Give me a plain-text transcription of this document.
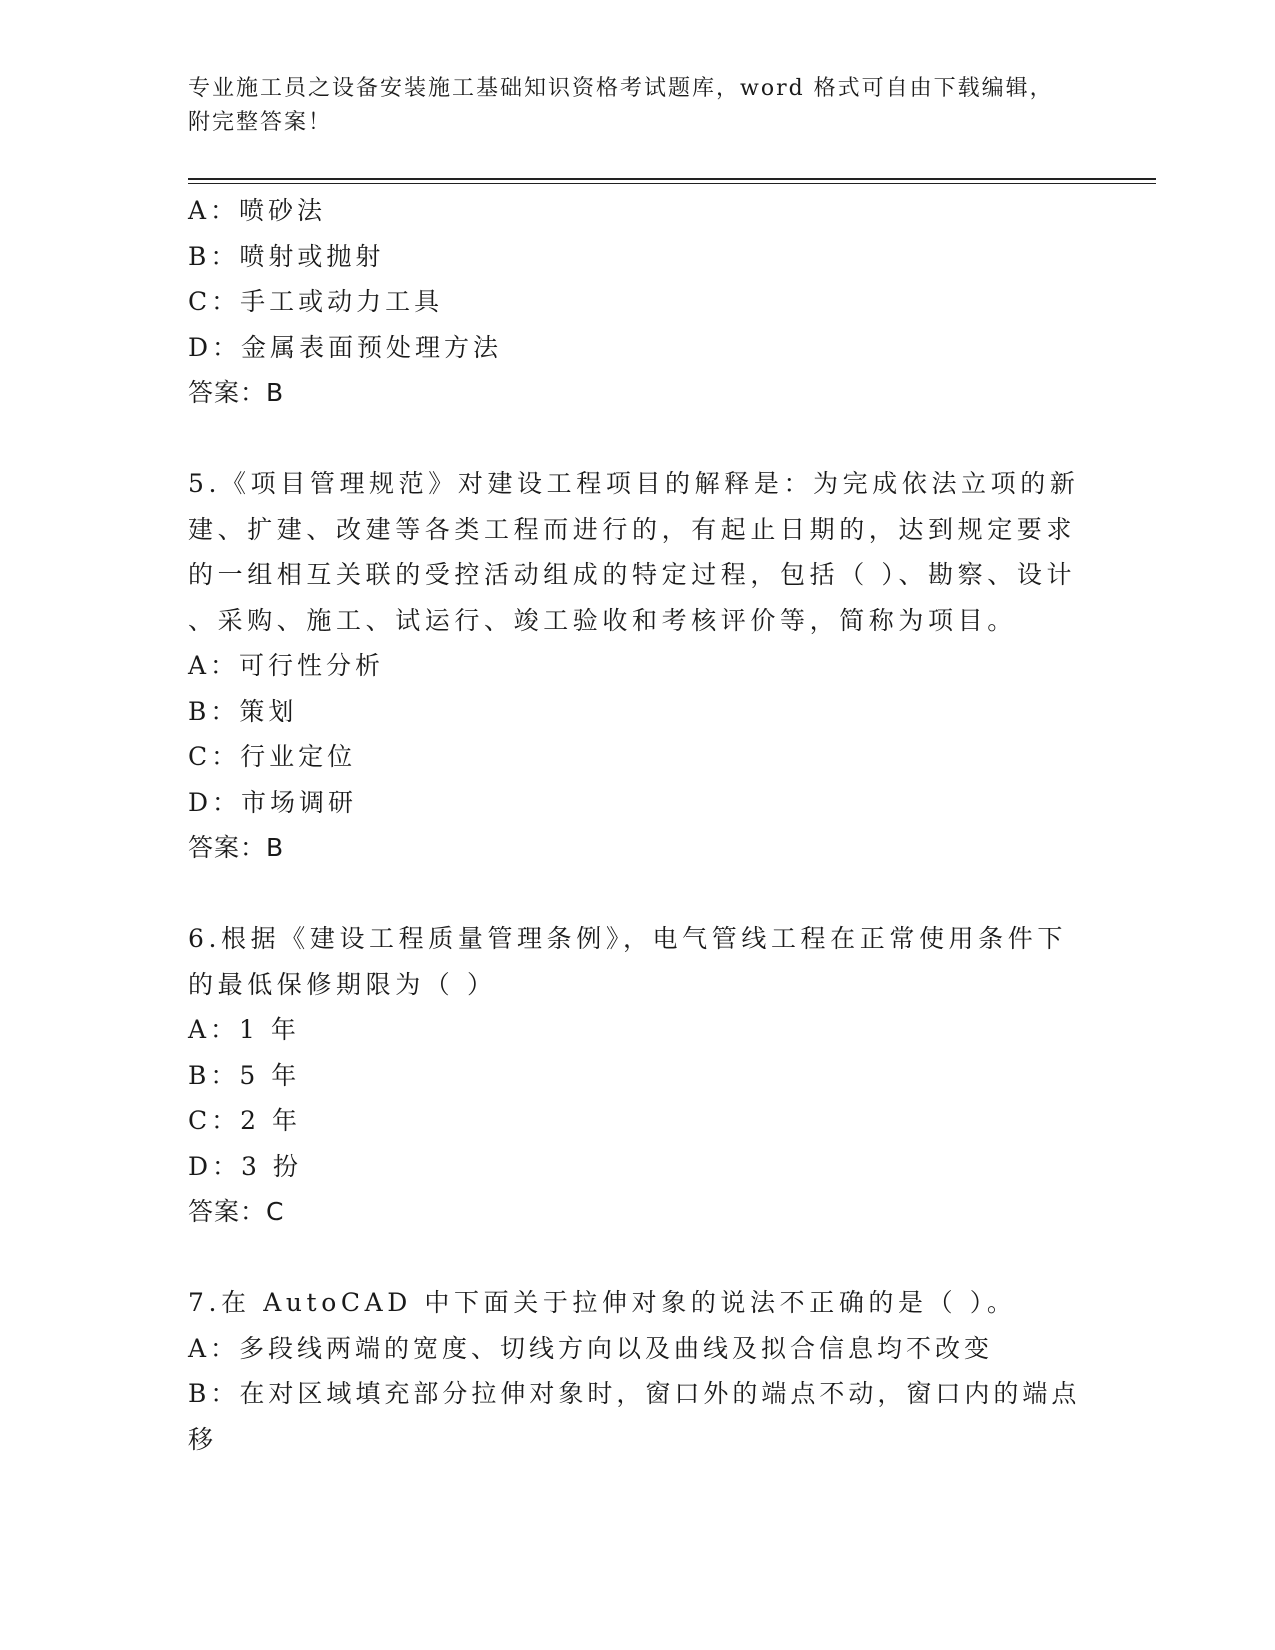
专业施工员之设备安装施工基础知识资格考试题库，word 格式可自由下载编辑，
附完整答案！
A：喷砂法
B：喷射或抛射
C：手工或动力工具
D：金属表面预处理方法
答案：B
5.《项目管理规范》对建设工程项目的解释是：为完成依法立项的新
建、扩建、改建等各类工程而进行的，有起止日期的，达到规定要求
的一组相互关联的受控活动组成的特定过程，包括（ ）、勘察、设计
、采购、施工、试运行、竣工验收和考核评价等，简称为项目。
A：可行性分析
B：策划
C：行业定位
D：市场调研
答案：B
6.根据《建设工程质量管理条例》，电气管线工程在正常使用条件下
的最低保修期限为（ ）
A：1 年
B：5 年
C：2 年
D：3 扮
答案：C
7.在 AutoCAD 中下面关于拉伸对象的说法不正确的是（ ）。
A：多段线两端的宽度、切线方向以及曲线及拟合信息均不改变
B：在对区域填充部分拉伸对象时，窗口外的端点不动，窗口内的端点
移
